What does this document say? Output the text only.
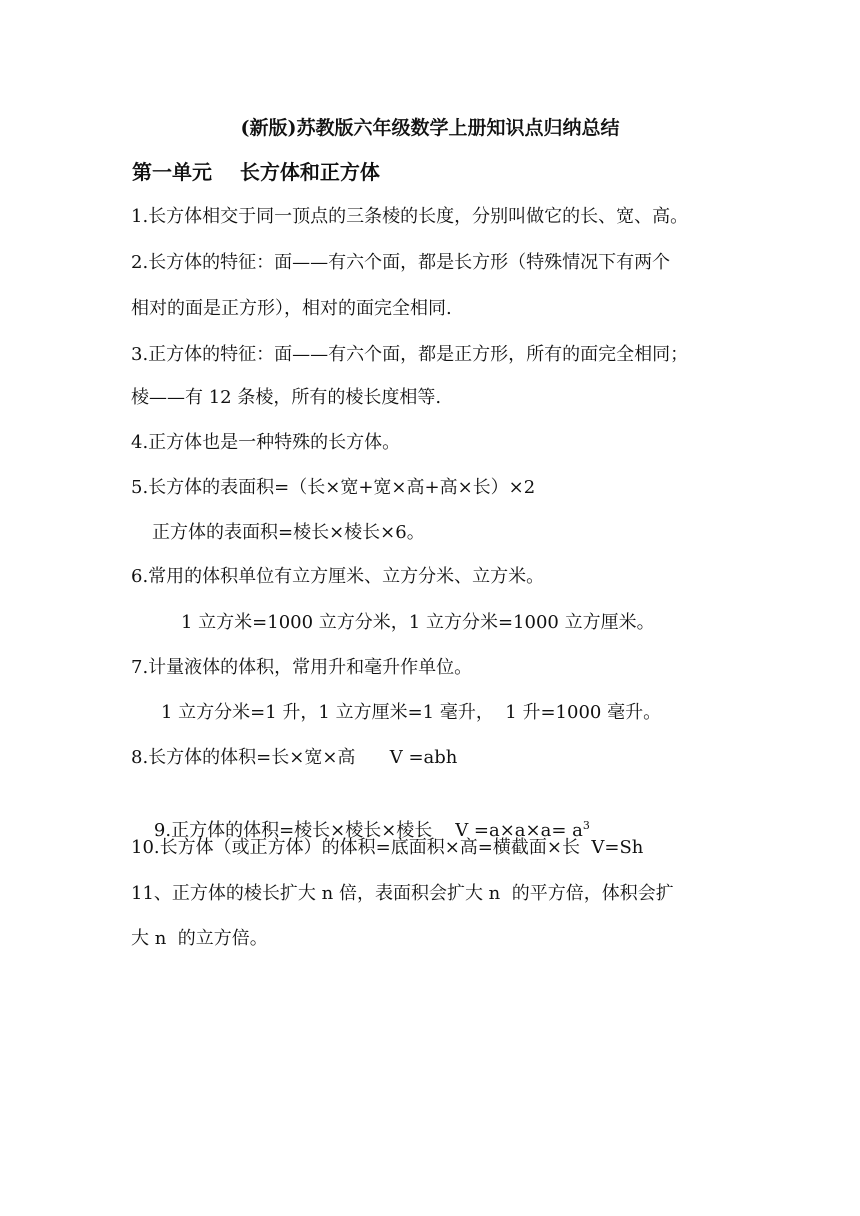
(新版)苏教版六年级数学上册知识点归纳总结
第一单元    长方体和正方体
1.长方体相交于同一顶点的三条棱的长度，分别叫做它的长、宽、高。
2.长方体的特征：面——有六个面，都是长方形（特殊情况下有两个
相对的面是正方形），相对的面完全相同.
3.正方体的特征：面——有六个面，都是正方形，所有的面完全相同；
棱——有 12 条棱，所有的棱长度相等.
4.正方体也是一种特殊的长方体。
5.长方体的表面积=（长×宽+宽×高+高×长）×2
正方体的表面积=棱长×棱长×6。
6.常用的体积单位有立方厘米、立方分米、立方米。
1 立方米=1000 立方分米，1 立方分米=1000 立方厘米。
7.计量液体的体积，常用升和毫升作单位。
1 立方分米=1 升，1 立方厘米=1 毫升，  1 升=1000 毫升。
8.长方体的体积=长×宽×高      V =abh

9.正方体的体积=棱长×棱长×棱长    $V =a\times a\times a= a^3$

10.长方体（或正方体）的体积=底面积×高=横截面×长  V=Sh
11、正方体的棱长扩大 n 倍，表面积会扩大 n  的平方倍，体积会扩
大 n  的立方倍。
